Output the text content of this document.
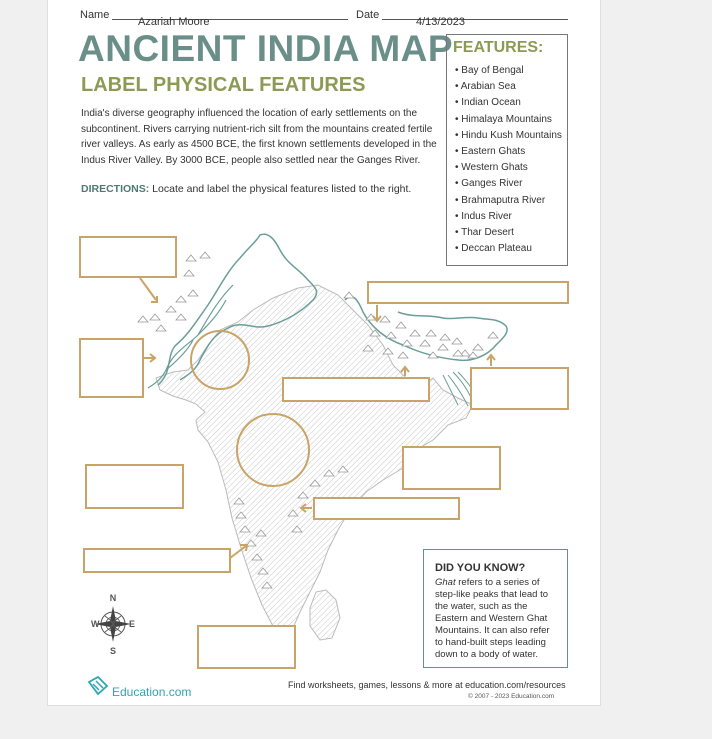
Name
$_{Azariah Moore}$
Date
$_{4/13/2023}$
ANCIENT INDIA MAP
LABEL PHYSICAL FEATURES
India's diverse geography influenced the location of early settlements on the subcontinent. Rivers carrying nutrient-rich silt from the mountains created fertile river valleys. As early as 4500 BCE, the first known settlements developed in the Indus River Valley. By 3000 BCE, people also settled near the Ganges River.
DIRECTIONS: Locate and label the physical features listed to the right.
FEATURES:
• Bay of Bengal
• Arabian Sea
• Indian Ocean
• Himalaya Mountains
• Hindu Kush Mountains
• Eastern Ghats
• Western Ghats
• Ganges River
• Brahmaputra River
• Indus River
• Thar Desert
• Deccan Plateau
N
S
W	E
DID YOU KNOW?
Ghat refers to a series of step-like peaks that lead to the water, such as the Eastern and Western Ghat Mountains. It can also refer to hand-built steps leading down to a body of water.
Education.com	Find worksheets, games, lessons & more at education.com/resources
© 2007 - 2023 Education.com
